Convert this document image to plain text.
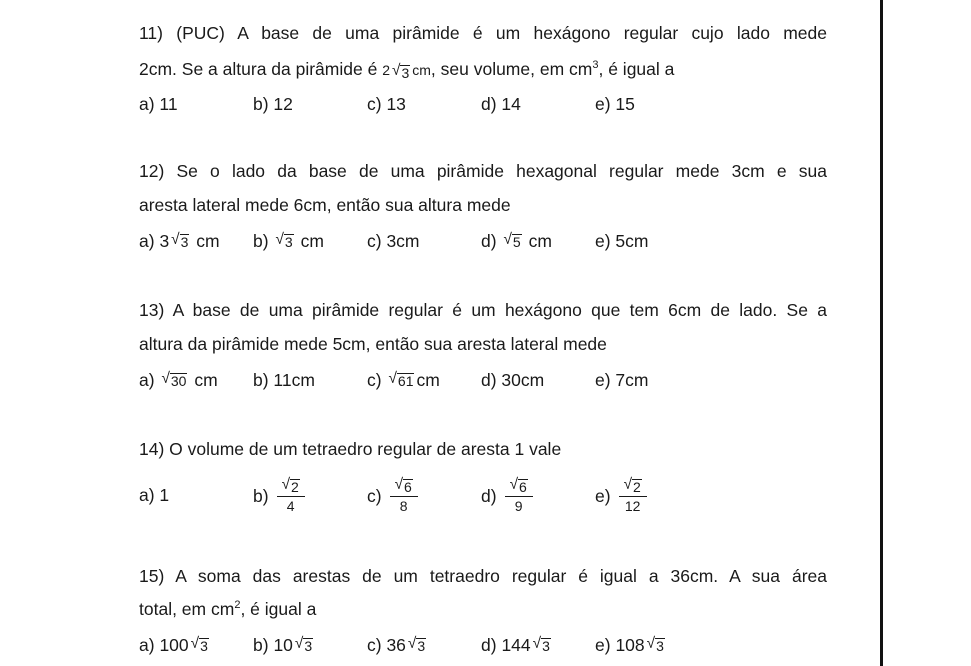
11) (PUC) A base de uma pirâmide é um hexágono regular cujo lado mede
2cm. Se a altura da pirâmide é 2 √ 3 cm, seu volume, em $cm^3$, é igual a
a) 11	b) 12	c) 13	d) 14	e) 15
12) Se o lado da base de uma pirâmide hexagonal regular mede 3cm e sua
aresta lateral mede 6cm, então sua altura mede
a)
3 √ 3
cm b)
√ 3
cm c) 3cm	d)
√ 5
cm e) 5cm
13) A base de uma pirâmide regular é um hexágono que tem 6cm de lado. Se a
altura da pirâmide mede 5cm, então sua aresta lateral mede
a)
√ 30
cm b) 11cm	c)
√ 61 cm d) 30cm	e) 7cm
14) O volume de um tetraedro regular de aresta 1 vale
a) 1	$b) \frac{√ 2}{4}$	$c) \frac{√ 6}{8}$	$d) \frac{√ 6}{9}$	$e) \frac{√ 2}{12}$
15) A soma das arestas de um tetraedro regular é igual a 36cm. A sua área
total, em $cm^2$, é igual a
a)
100 √ 3	b)
10 √ 3	c)
36 √ 3	d)
144 √ 3	e)
108 √ 3
